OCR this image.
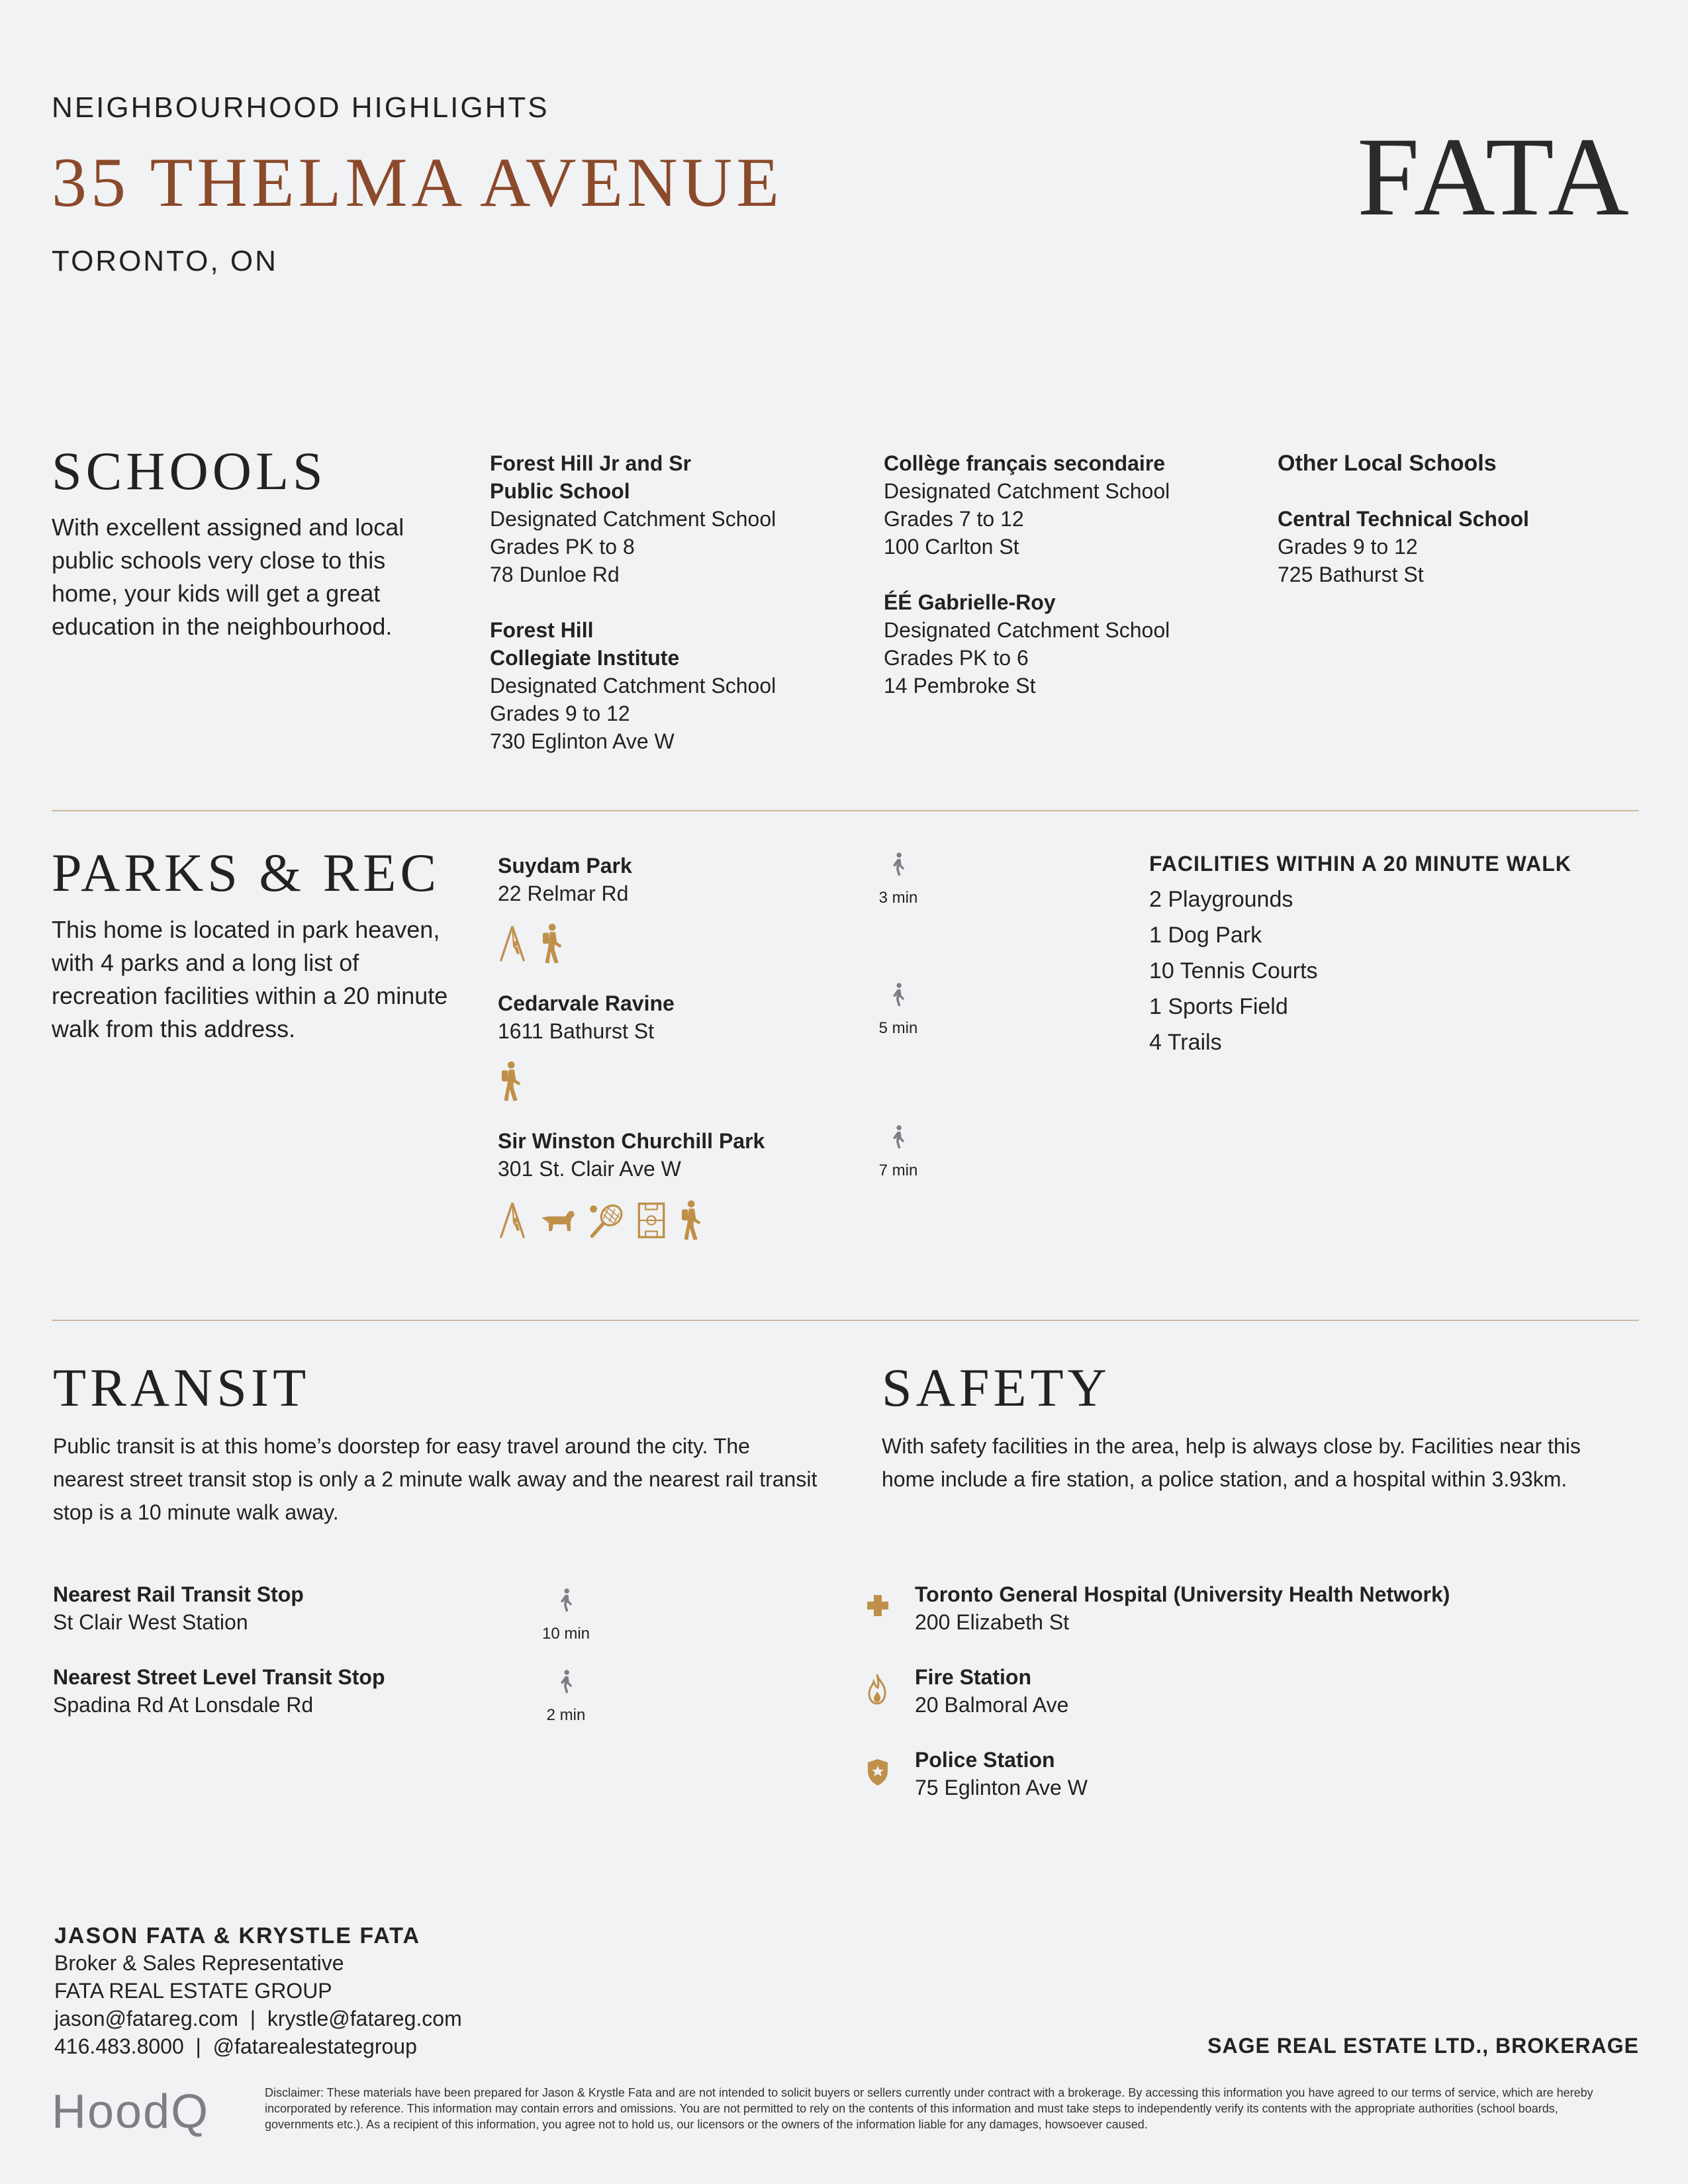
NEIGHBOURHOOD HIGHLIGHTS
35 THELMA AVENUE
TORONTO, ON
FATA
SCHOOLS
With excellent assigned and local public schools very close to this home, your kids will get a great education in the neighbourhood.
Forest Hill Jr and Sr
Public School
Designated Catchment School
Grades PK to 8
78 Dunloe Rd
Forest Hill
Collegiate Institute
Designated Catchment School
Grades 9 to 12
730 Eglinton Ave W
Collège français secondaire
Designated Catchment School
Grades 7 to 12
100 Carlton St
ÉÉ Gabrielle-Roy
Designated Catchment School
Grades PK to 6
14 Pembroke St
Other Local Schools
Central Technical School
Grades 9 to 12
725 Bathurst St
PARKS & REC
This home is located in park heaven, with 4 parks and a long list of recreation facilities within a 20 minute walk from this address.
Suydam Park
22 Relmar Rd	3 min
Cedarvale Ravine
1611 Bathurst St	5 min
Sir Winston Churchill Park
301 St. Clair Ave W	7 min
FACILITIES WITHIN A 20 MINUTE WALK
2 Playgrounds
1 Dog Park
10 Tennis Courts
1 Sports Field
4 Trails
TRANSIT
Public transit is at this home’s doorstep for easy travel around the city. The nearest street transit stop is only a 2 minute walk away and the nearest rail transit stop is a 10 minute walk away.
Nearest Rail Transit Stop
St Clair West Station	10 min
Nearest Street Level Transit Stop
Spadina Rd At Lonsdale Rd	2 min
SAFETY
With safety facilities in the area, help is always close by. Facilities near this home include a fire station, a police station, and a hospital within 3.93km.
Toronto General Hospital (University Health Network)
200 Elizabeth St
Fire Station
20 Balmoral Ave
Police Station
75 Eglinton Ave W
JASON FATA & KRYSTLE FATA
Broker & Sales Representative
FATA REAL ESTATE GROUP
jason@fatareg.com  |  krystle@fatareg.com
416.483.8000  |  @fatarealestategroup	SAGE REAL ESTATE LTD., BROKERAGE
HoodQ	Disclaimer: These materials have been prepared for Jason & Krystle Fata and are not intended to solicit buyers or sellers currently under contract with a brokerage. By accessing this information you have agreed to our terms of service, which are hereby incorporated by reference. This information may contain errors and omissions. You are not permitted to rely on the contents of this information and must take steps to independently verify its contents with the appropriate authorities (school boards, governments etc.). As a recipient of this information, you agree not to hold us, our licensors or the owners of the information liable for any damages, howsoever caused.
